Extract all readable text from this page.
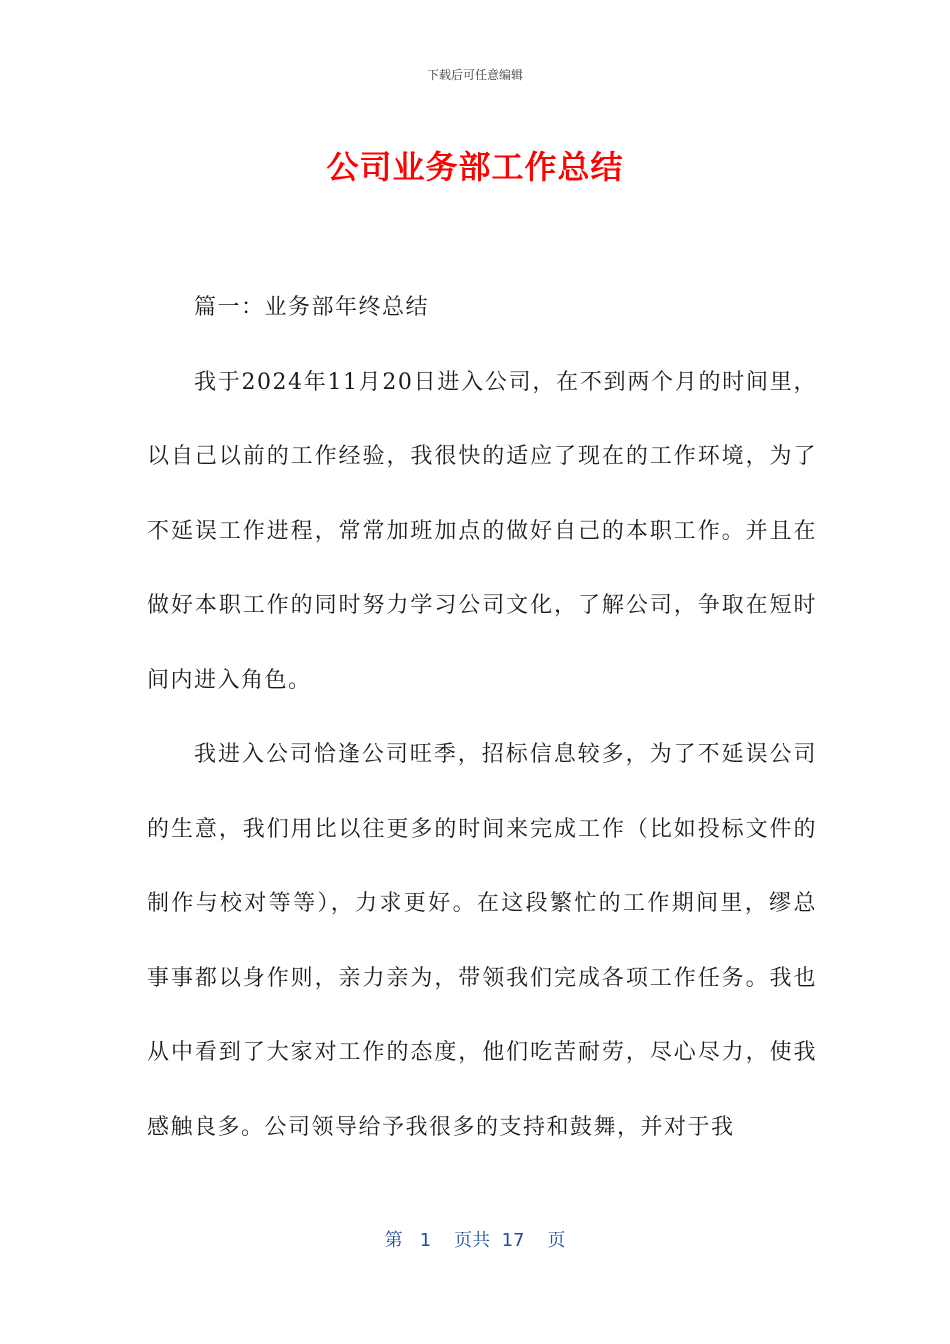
下载后可任意编辑
公司业务部工作总结

篇一：业务部年终总结

我于2024年11月20日进入公司，在不到两个月的时间里，以自己以前的工作经验，我很快的适应了现在的工作环境，为了不延误工作进程，常常加班加点的做好自己的本职工作。并且在做好本职工作的同时努力学习公司文化，了解公司，争取在短时间内进入角色。

我进入公司恰逢公司旺季，招标信息较多，为了不延误公司的生意，我们用比以往更多的时间来完成工作（比如投标文件的制作与校对等等），力求更好。在这段繁忙的工作期间里，缪总事事都以身作则，亲力亲为，带领我们完成各项工作任务。我也从中看到了大家对工作的态度，他们吃苦耐劳，尽心尽力，使我感触良多。公司领导给予我很多的支持和鼓舞，并对于我

第 1 页共 17 页
